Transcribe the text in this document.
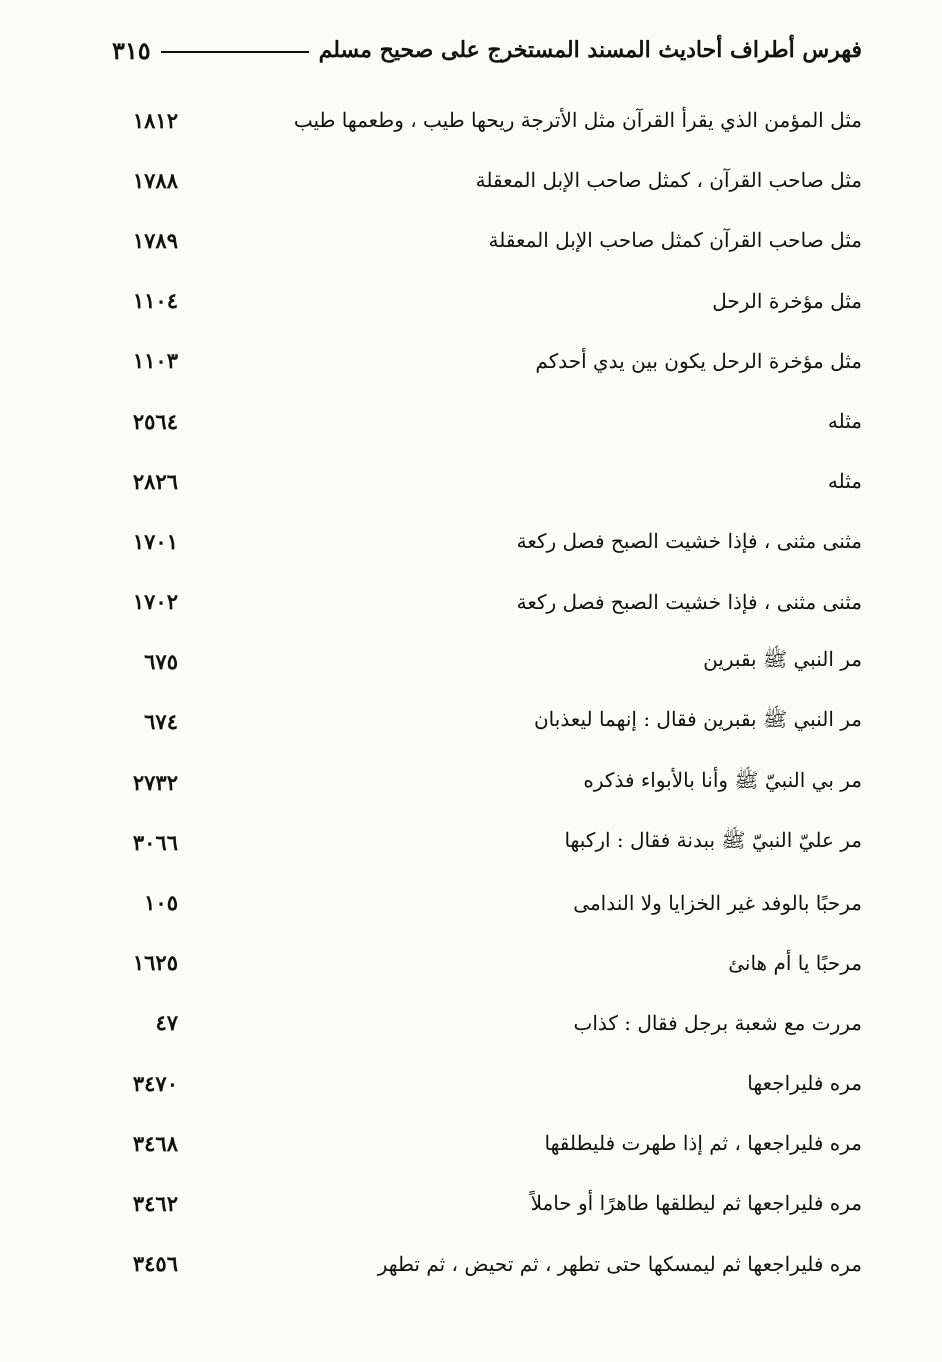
فهرس أطراف أحاديث المسند المستخرج على صحيح مسلم
٣١٥
مثل المؤمن الذي يقرأ القرآن مثل الأترجة ريحها طيب ، وطعمها طيب
١٨١٢
مثل صاحب القرآن ، كمثل صاحب الإبل المعقلة
١٧٨٨
مثل صاحب القرآن كمثل صاحب الإبل المعقلة
١٧٨٩
مثل مؤخرة الرحل
١١٠٤
مثل مؤخرة الرحل يكون بين يدي أحدكم
١١٠٣
مثله
٢٥٦٤
مثله
٢٨٢٦
مثنى مثنى ، فإذا خشيت الصبح فصل ركعة
١٧٠١
مثنى مثنى ، فإذا خشيت الصبح فصل ركعة
١٧٠٢
مر النبي ﷺ بقبرين
٦٧٥
مر النبي ﷺ بقبرين فقال : إنهما ليعذبان
٦٧٤
مر بي النبيّ ﷺ وأنا بالأبواء فذكره
٢٧٣٢
مر عليّ النبيّ ﷺ ببدنة فقال : اركبها
٣٠٦٦
مرحبًا بالوفد غير الخزايا ولا الندامى
١٠٥
مرحبًا يا أم هانئ
١٦٢٥
مررت مع شعبة برجل فقال : كذاب
٤٧
مره فليراجعها
٣٤٧٠
مره فليراجعها ، ثم إذا طهرت فليطلقها
٣٤٦٨
مره فليراجعها ثم ليطلقها طاهرًا أو حاملاً
٣٤٦٢
مره فليراجعها ثم ليمسكها حتى تطهر ، ثم تحيض ، ثم تطهر
٣٤٥٦
